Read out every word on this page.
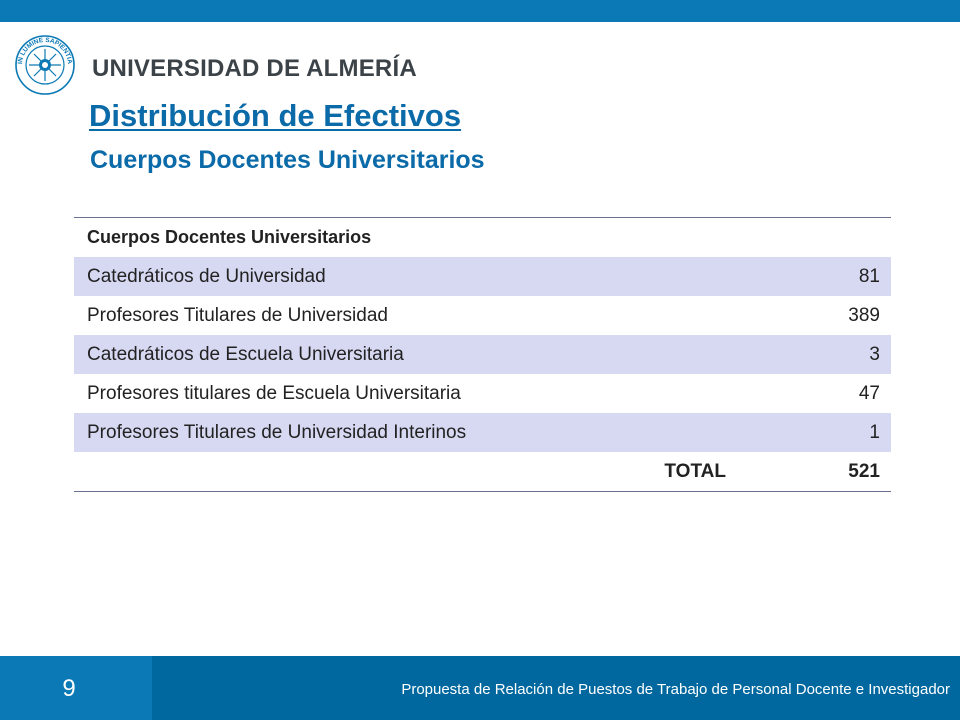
IN LUMINE SAPIENTIA UNIVERSIDAD DE ALMERÍA
Distribución de Efectivos
Cuerpos Docentes Universitarios
Cuerpos Docentes Universitarios	
Catedráticos de Universidad	81
Profesores Titulares de Universidad	389
Catedráticos de Escuela Universitaria	3
Profesores titulares de Escuela Universitaria	47
Profesores Titulares de Universidad Interinos	1
TOTAL	521
9	Propuesta de Relación de Puestos de Trabajo de Personal Docente e Investigador
